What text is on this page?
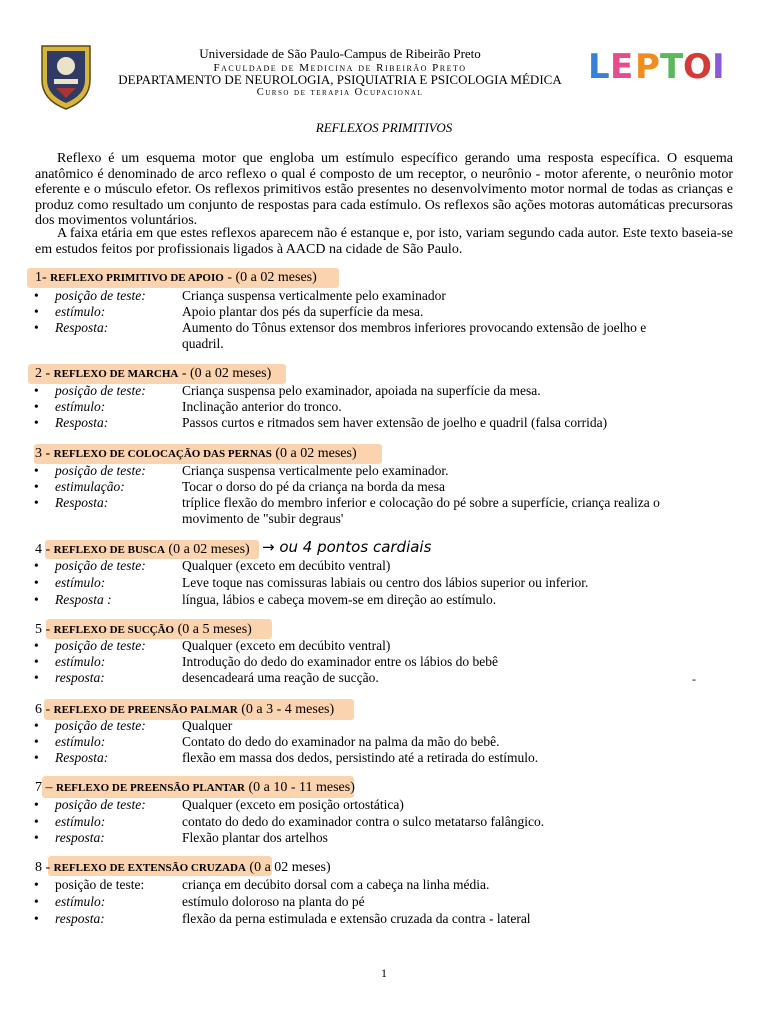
Universidade de São Paulo-Campus de Ribeirão Preto
Faculdade de Medicina de Ribeirão Preto
DEPARTAMENTO DE NEUROLOGIA, PSIQUIATRIA E PSICOLOGIA MÉDICA
Curso de terapia Ocupacional
L E P T O I
REFLEXOS PRIMITIVOS
Reflexo é um esquema motor que engloba um estímulo específico gerando uma resposta específica. O esquema anatômico é denominado de arco reflexo o qual é composto de um receptor, o neurônio - motor aferente, o neurônio motor eferente e o músculo efetor. Os reflexos primitivos estão presentes no desenvolvimento motor normal de todas as crianças e produz como resultado um conjunto de respostas para cada estímulo. Os reflexos são ações motoras automáticas precursoras dos movimentos voluntários.
A faixa etária em que estes reflexos aparecem não é estanque e, por isto, variam segundo cada autor. Este texto baseia-se em estudos feitos por profissionais ligados à AACD na cidade de São Paulo.
1- REFLEXO PRIMITIVO DE APOIO - (0 a 02 meses)
•	posição de teste:	Criança suspensa verticalmente pelo examinador
•	estímulo:	Apoio plantar dos pés da superfície da mesa.
•	Resposta:	Aumento do Tônus extensor dos membros inferiores provocando extensão de joelho e quadril.
2 - REFLEXO DE MARCHA - (0 a 02 meses)
•	posição de teste:	Criança suspensa pelo examinador, apoiada na superfície da mesa.
•	estímulo:	Inclinação anterior do tronco.
•	Resposta:	Passos curtos e ritmados sem haver extensão de joelho e quadril (falsa corrida)
3 - REFLEXO DE COLOCAÇÃO DAS PERNAS (0 a 02 meses)
•	posição de teste:	Criança suspensa verticalmente pelo examinador.
•	estimulação:	Tocar o dorso do pé da criança na borda da mesa
•	Resposta:	tríplice flexão do membro inferior e colocação do pé sobre a superfície, criança realiza o movimento de "subir degraus'
4 - REFLEXO DE BUSCA (0 a 02 meses) → ou 4 pontos cardiais
•	posição de teste:	Qualquer (exceto em decúbito ventral)
•	estímulo:	Leve toque nas comissuras labiais ou centro dos lábios superior ou inferior.
•	Resposta :	língua, lábios e cabeça movem-se em direção ao estímulo.
5 - REFLEXO DE SUCÇÃO (0 a 5 meses)
•	posição de teste:	Qualquer (exceto em decúbito ventral)
•	estímulo:	Introdução do dedo do examinador entre os lábios do bebê
•	resposta:	desencadeará uma reação de sucção.	-
6 - REFLEXO DE PREENSÃO PALMAR (0 a 3 - 4 meses)
•	posição de teste:	Qualquer
•	estímulo:	Contato do dedo do examinador na palma da mão do bebê.
•	Resposta:	flexão em massa dos dedos, persistindo até a retirada do estímulo.
7 – REFLEXO DE PREENSÃO PLANTAR (0 a 10 - 11 meses)
•	posição de teste:	Qualquer (exceto em posição ortostática)
•	estímulo:	contato do dedo do examinador contra o sulco metatarso falângico.
•	resposta:	Flexão plantar dos artelhos
8 - REFLEXO DE EXTENSÃO CRUZADA (0 a 02 meses)
•	posição de teste:	criança em decúbito dorsal com a cabeça na linha média.
•	estímulo:	estímulo doloroso na planta do pé
•	resposta:	flexão da perna estimulada e extensão cruzada da contra - lateral
1
